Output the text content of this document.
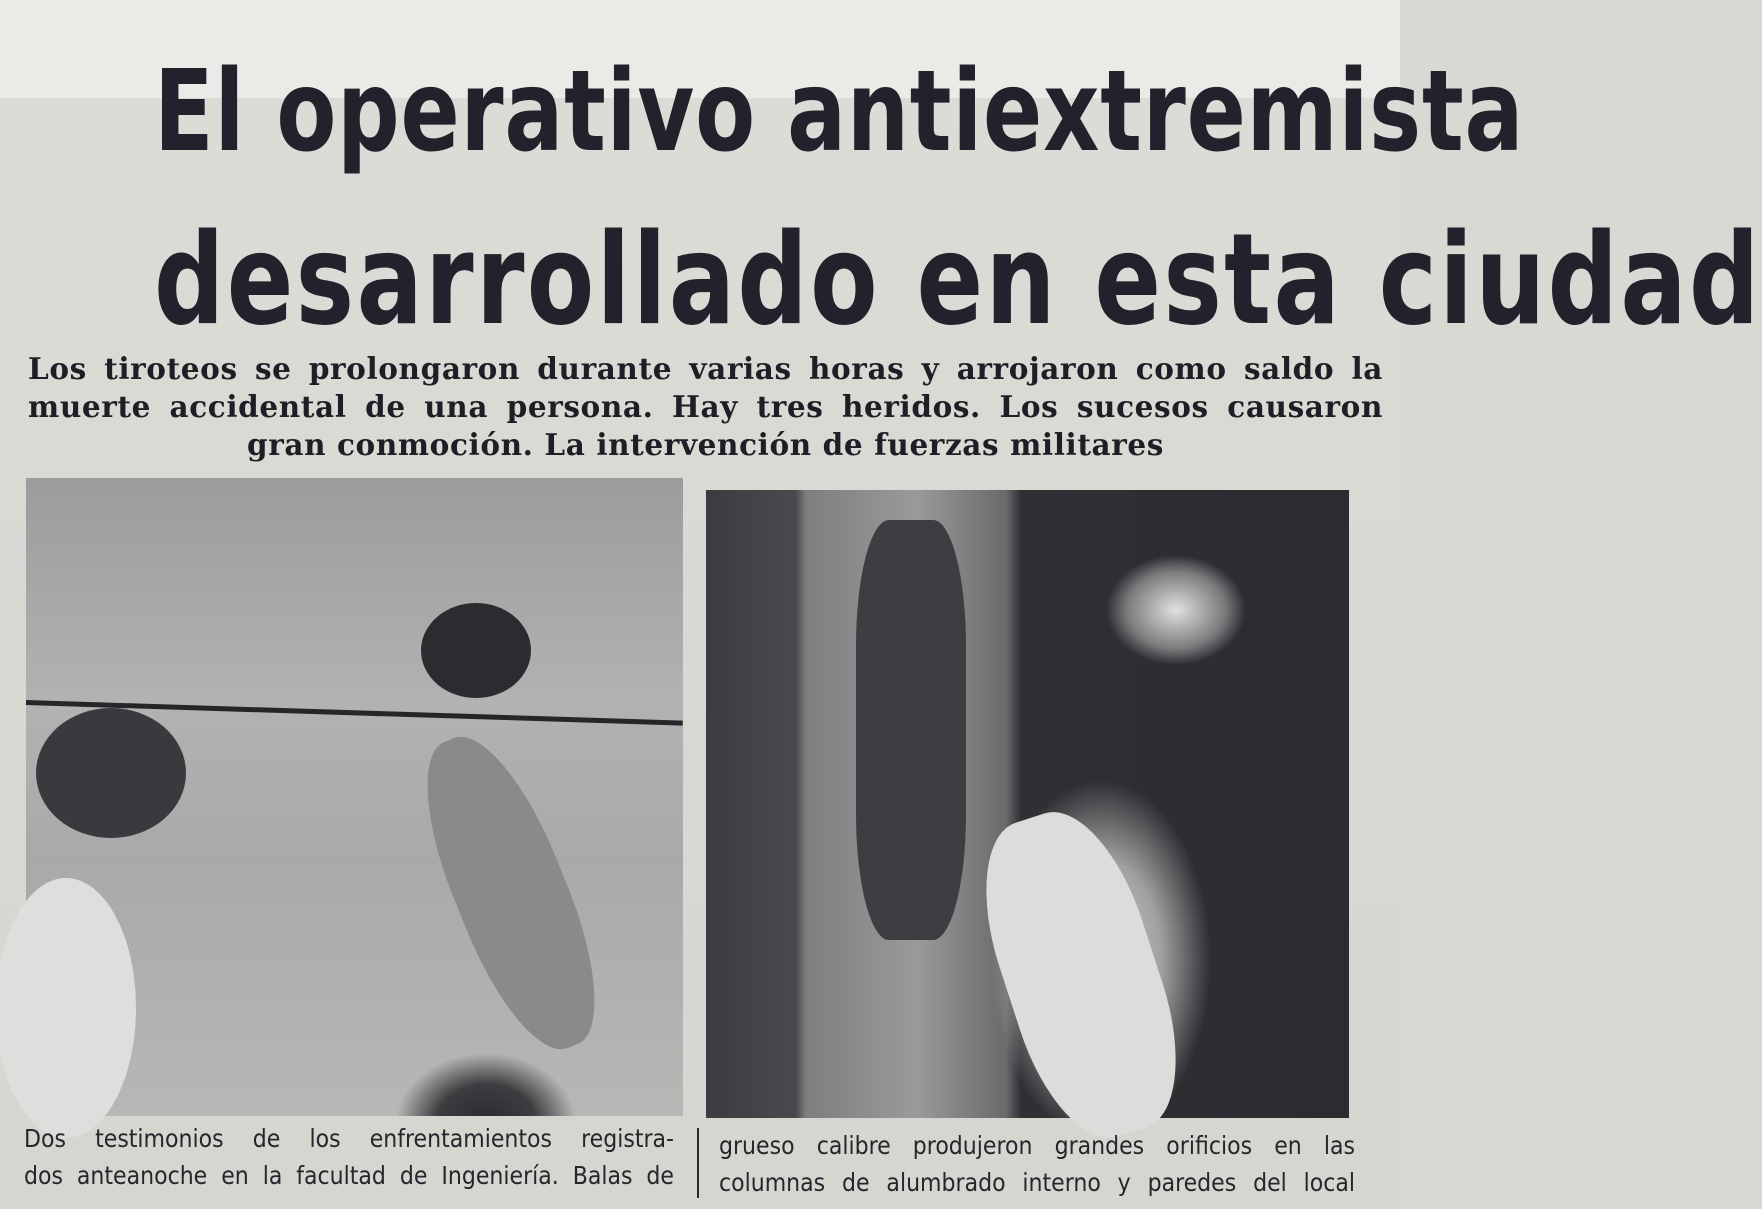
El operativo antiextremista
desarrollado en esta ciudad
Los tiroteos se prolongaron durante varias horas y arrojaron como saldo la
muerte accidental de una persona. Hay tres heridos. Los sucesos causaron
gran conmoción. La intervención de fuerzas militares
Dos testimonios de los enfrentamientos registra-
dos anteanoche en la facultad de Ingeniería. Balas de
grueso calibre produjeron grandes orificios en las
columnas de alumbrado interno y paredes del local
